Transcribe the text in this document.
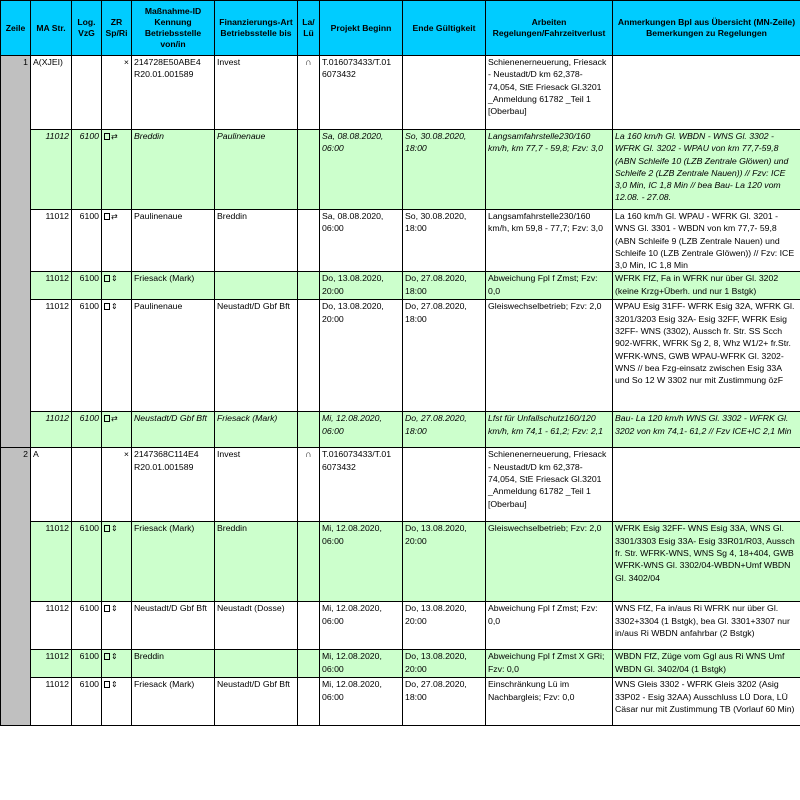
Zeile	MA Str.	Log. VzG	ZR Sp/Ri	Maßnahme-ID Kennung Betriebsstelle von/in	Finanzierungs-Art Betriebsstelle bis	La/ Lü	Projekt Beginn	Ende Gültigkeit	Arbeiten Regelungen/Fahrzeitverlust	Anmerkungen Bpl aus Übersicht (MN-Zeile) Bemerkungen zu Regelungen
1	A(XJEI)		×	214728E50ABE4 R20.01.001589	Invest	∩	T.016073433/T.01 6073432		Schienenerneuerung, Friesack - Neustadt/D km 62,378-74,054, StE Friesack Gl.3201 _Anmeldung 61782 _Teil 1 [Oberbau]	
	11012	6100	⇄	Breddin	Paulinenaue		Sa, 08.08.2020, 06:00	So, 30.08.2020, 18:00	Langsamfahrstelle230/160 km/h, km 77,7 - 59,8; Fzv: 3,0	La 160 km/h Gl. WBDN - WNS Gl. 3302 - WFRK Gl. 3202 - WPAU von km 77,7-59,8 (ABN Schleife 10 (LZB Zentrale Glöwen) und Schleife 2 (LZB Zentrale Nauen)) // Fzv: ICE 3,0 Min, IC 1,8 Min // bea Bau- La 120 vom 12.08. - 27.08.
	11012	6100	⇄	Paulinenaue	Breddin		Sa, 08.08.2020, 06:00	So, 30.08.2020, 18:00	Langsamfahrstelle230/160 km/h, km 59,8 - 77,7; Fzv: 3,0	La 160 km/h Gl. WPAU - WFRK Gl. 3201 - WNS Gl. 3301 - WBDN von km 77,7- 59,8 (ABN Schleife 9 (LZB Zentrale Nauen) und Schleife 10 (LZB Zentrale Glöwen)) // Fzv: ICE 3,0 Min, IC 1,8 Min
	11012	6100	⇕	Friesack (Mark)			Do, 13.08.2020, 20:00	Do, 27.08.2020, 18:00	Abweichung Fpl f Zmst; Fzv: 0,0	WFRK FfZ, Fa in WFRK nur über Gl. 3202 (keine Krzg+Überh. und nur 1 Bstgk)
	11012	6100	⇕	Paulinenaue	Neustadt/D Gbf Bft		Do, 13.08.2020, 20:00	Do, 27.08.2020, 18:00	Gleiswechselbetrieb; Fzv: 2,0	WPAU Esig 31FF- WFRK Esig 32A, WFRK Gl. 3201/3203 Esig 32A- Esig 32FF, WFRK Esig 32FF- WNS (3302), Aussch fr. Str. SS Scch 902-WFRK, WFRK Sg 2, 8, Whz W1/2+ fr.Str. WFRK-WNS, GWB WPAU-WFRK Gl. 3202-WNS // bea Fzg-einsatz zwischen Esig 33A und So 12 W 3302 nur mit Zustimmung özF
	11012	6100	⇄	Neustadt/D Gbf Bft	Friesack (Mark)		Mi, 12.08.2020, 06:00	Do, 27.08.2020, 18:00	Lfst für Unfallschutz160/120 km/h, km 74,1 - 61,2; Fzv: 2,1	Bau- La 120 km/h WNS Gl. 3302 - WFRK Gl. 3202 von km 74,1- 61,2 // Fzv ICE+IC 2,1 Min
2	A		×	2147368C114E4 R20.01.001589	Invest	∩	T.016073433/T.01 6073432		Schienenerneuerung, Friesack - Neustadt/D km 62,378-74,054, StE Friesack Gl.3201 _Anmeldung 61782 _Teil 1 [Oberbau]	
	11012	6100	⇕	Friesack (Mark)	Breddin		Mi, 12.08.2020, 06:00	Do, 13.08.2020, 20:00	Gleiswechselbetrieb; Fzv: 2,0	WFRK Esig 32FF- WNS Esig 33A, WNS Gl. 3301/3303 Esig 33A- Esig 33R01/R03, Aussch fr. Str. WFRK-WNS, WNS Sg 4, 18+404, GWB WFRK-WNS Gl. 3302/04-WBDN+Umf WBDN Gl. 3402/04
	11012	6100	⇕	Neustadt/D Gbf Bft	Neustadt (Dosse)		Mi, 12.08.2020, 06:00	Do, 13.08.2020, 20:00	Abweichung Fpl f Zmst; Fzv: 0,0	WNS FfZ, Fa in/aus Ri WFRK nur über Gl. 3302+3304 (1 Bstgk), bea Gl. 3301+3307 nur in/aus Ri WBDN anfahrbar (2 Bstgk)
	11012	6100	⇕	Breddin			Mi, 12.08.2020, 06:00	Do, 13.08.2020, 20:00	Abweichung Fpl f Zmst X GRi; Fzv: 0,0	WBDN FfZ, Züge vom Ggl aus Ri WNS Umf WBDN Gl. 3402/04 (1 Bstgk)
	11012	6100	⇕	Friesack (Mark)	Neustadt/D Gbf Bft		Mi, 12.08.2020, 06:00	Do, 27.08.2020, 18:00	Einschränkung Lü im Nachbargleis; Fzv: 0,0	WNS Gleis 3302 - WFRK Gleis 3202 (Asig 33P02 - Esig 32AA) Ausschluss LÜ Dora, LÜ Cäsar nur mit Zustimmung TB (Vorlauf 60 Min)
